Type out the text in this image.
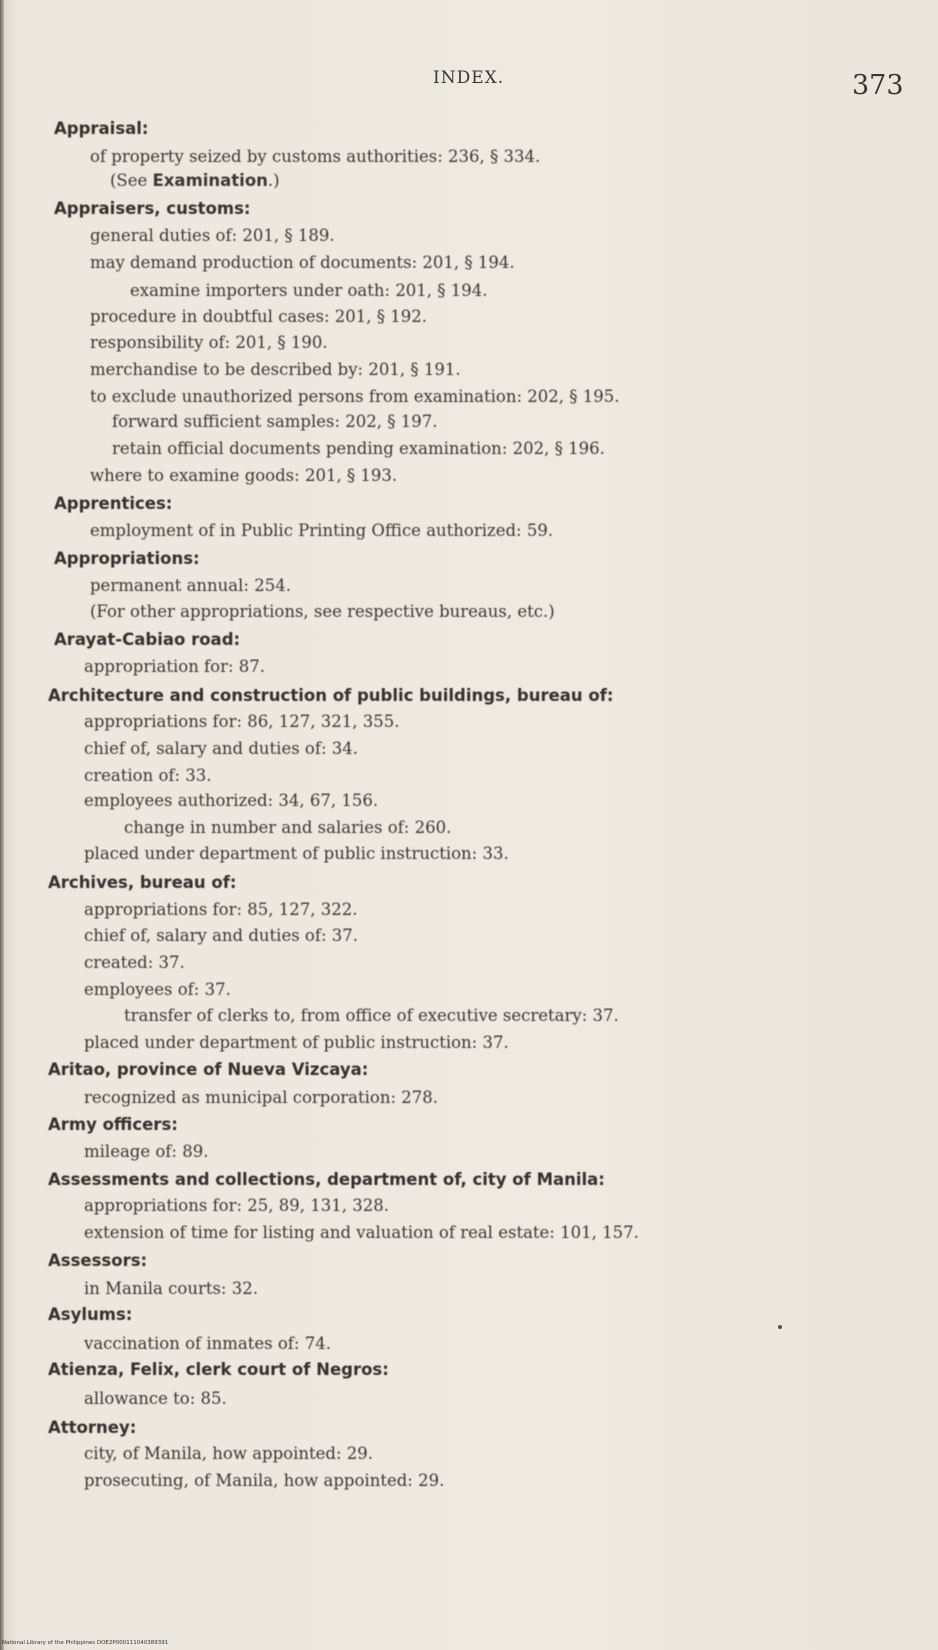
INDEX.	373
Appraisal:
of property seized by customs authorities: 236, § 334.
(See Examination.)
Appraisers, customs:
general duties of: 201, § 189.
may demand production of documents: 201, § 194.
examine importers under oath: 201, § 194.
procedure in doubtful cases: 201, § 192.
responsibility of: 201, § 190.
merchandise to be described by: 201, § 191.
to exclude unauthorized persons from examination: 202, § 195.
forward sufficient samples: 202, § 197.
retain official documents pending examination: 202, § 196.
where to examine goods: 201, § 193.
Apprentices:
employment of in Public Printing Office authorized: 59.
Appropriations:
permanent annual: 254.
(For other appropriations, see respective bureaus, etc.)
Arayat-Cabiao road:
appropriation for: 87.
Architecture and construction of public buildings, bureau of:
appropriations for: 86, 127, 321, 355.
chief of, salary and duties of: 34.
creation of: 33.
employees authorized: 34, 67, 156.
change in number and salaries of: 260.
placed under department of public instruction: 33.
Archives, bureau of:
appropriations for: 85, 127, 322.
chief of, salary and duties of: 37.
created: 37.
employees of: 37.
transfer of clerks to, from office of executive secretary: 37.
placed under department of public instruction: 37.
Aritao, province of Nueva Vizcaya:
recognized as municipal corporation: 278.
Army officers:
mileage of: 89.
Assessments and collections, department of, city of Manila:
appropriations for: 25, 89, 131, 328.
extension of time for listing and valuation of real estate: 101, 157.
Assessors:
in Manila courts: 32.
Asylums:
vaccination of inmates of: 74.
Atienza, Felix, clerk court of Negros:
allowance to: 85.
Attorney:
city, of Manila, how appointed: 29.
prosecuting, of Manila, how appointed: 29.
National Library of the Philippines DOE2P000111040389391
